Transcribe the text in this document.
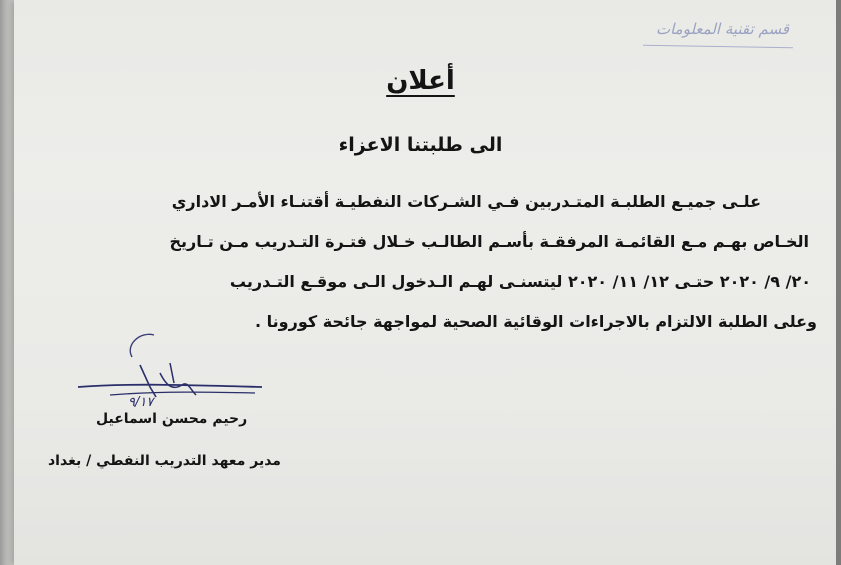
قسم تقنية المعلومات
أعلان
الى طلبتنا الاعزاء

علـى جميـع الطلبـة المتـدربين فـي الشـركات النفطيـة أقتنـاء الأمـر الاداري

الخـاص بهـم مـع القائمـة المرفقـة بأسـم الطالـب خـلال فتـرة التـدريب مـن تـاريخ

٢٠/ ٩/ ٢٠٢٠ حتـى ١٢/ ١١/ ٢٠٢٠ ليتسنـى لهـم الـدخول الـى موقـع التـدريب

وعلى الطلبة الالتزام بالاجراءات الوقائية الصحية لمواجهة جائحة كورونا .

٩/١٧
رحيم محسن اسماعيل
مدير معهد التدريب النفطي / بغداد
